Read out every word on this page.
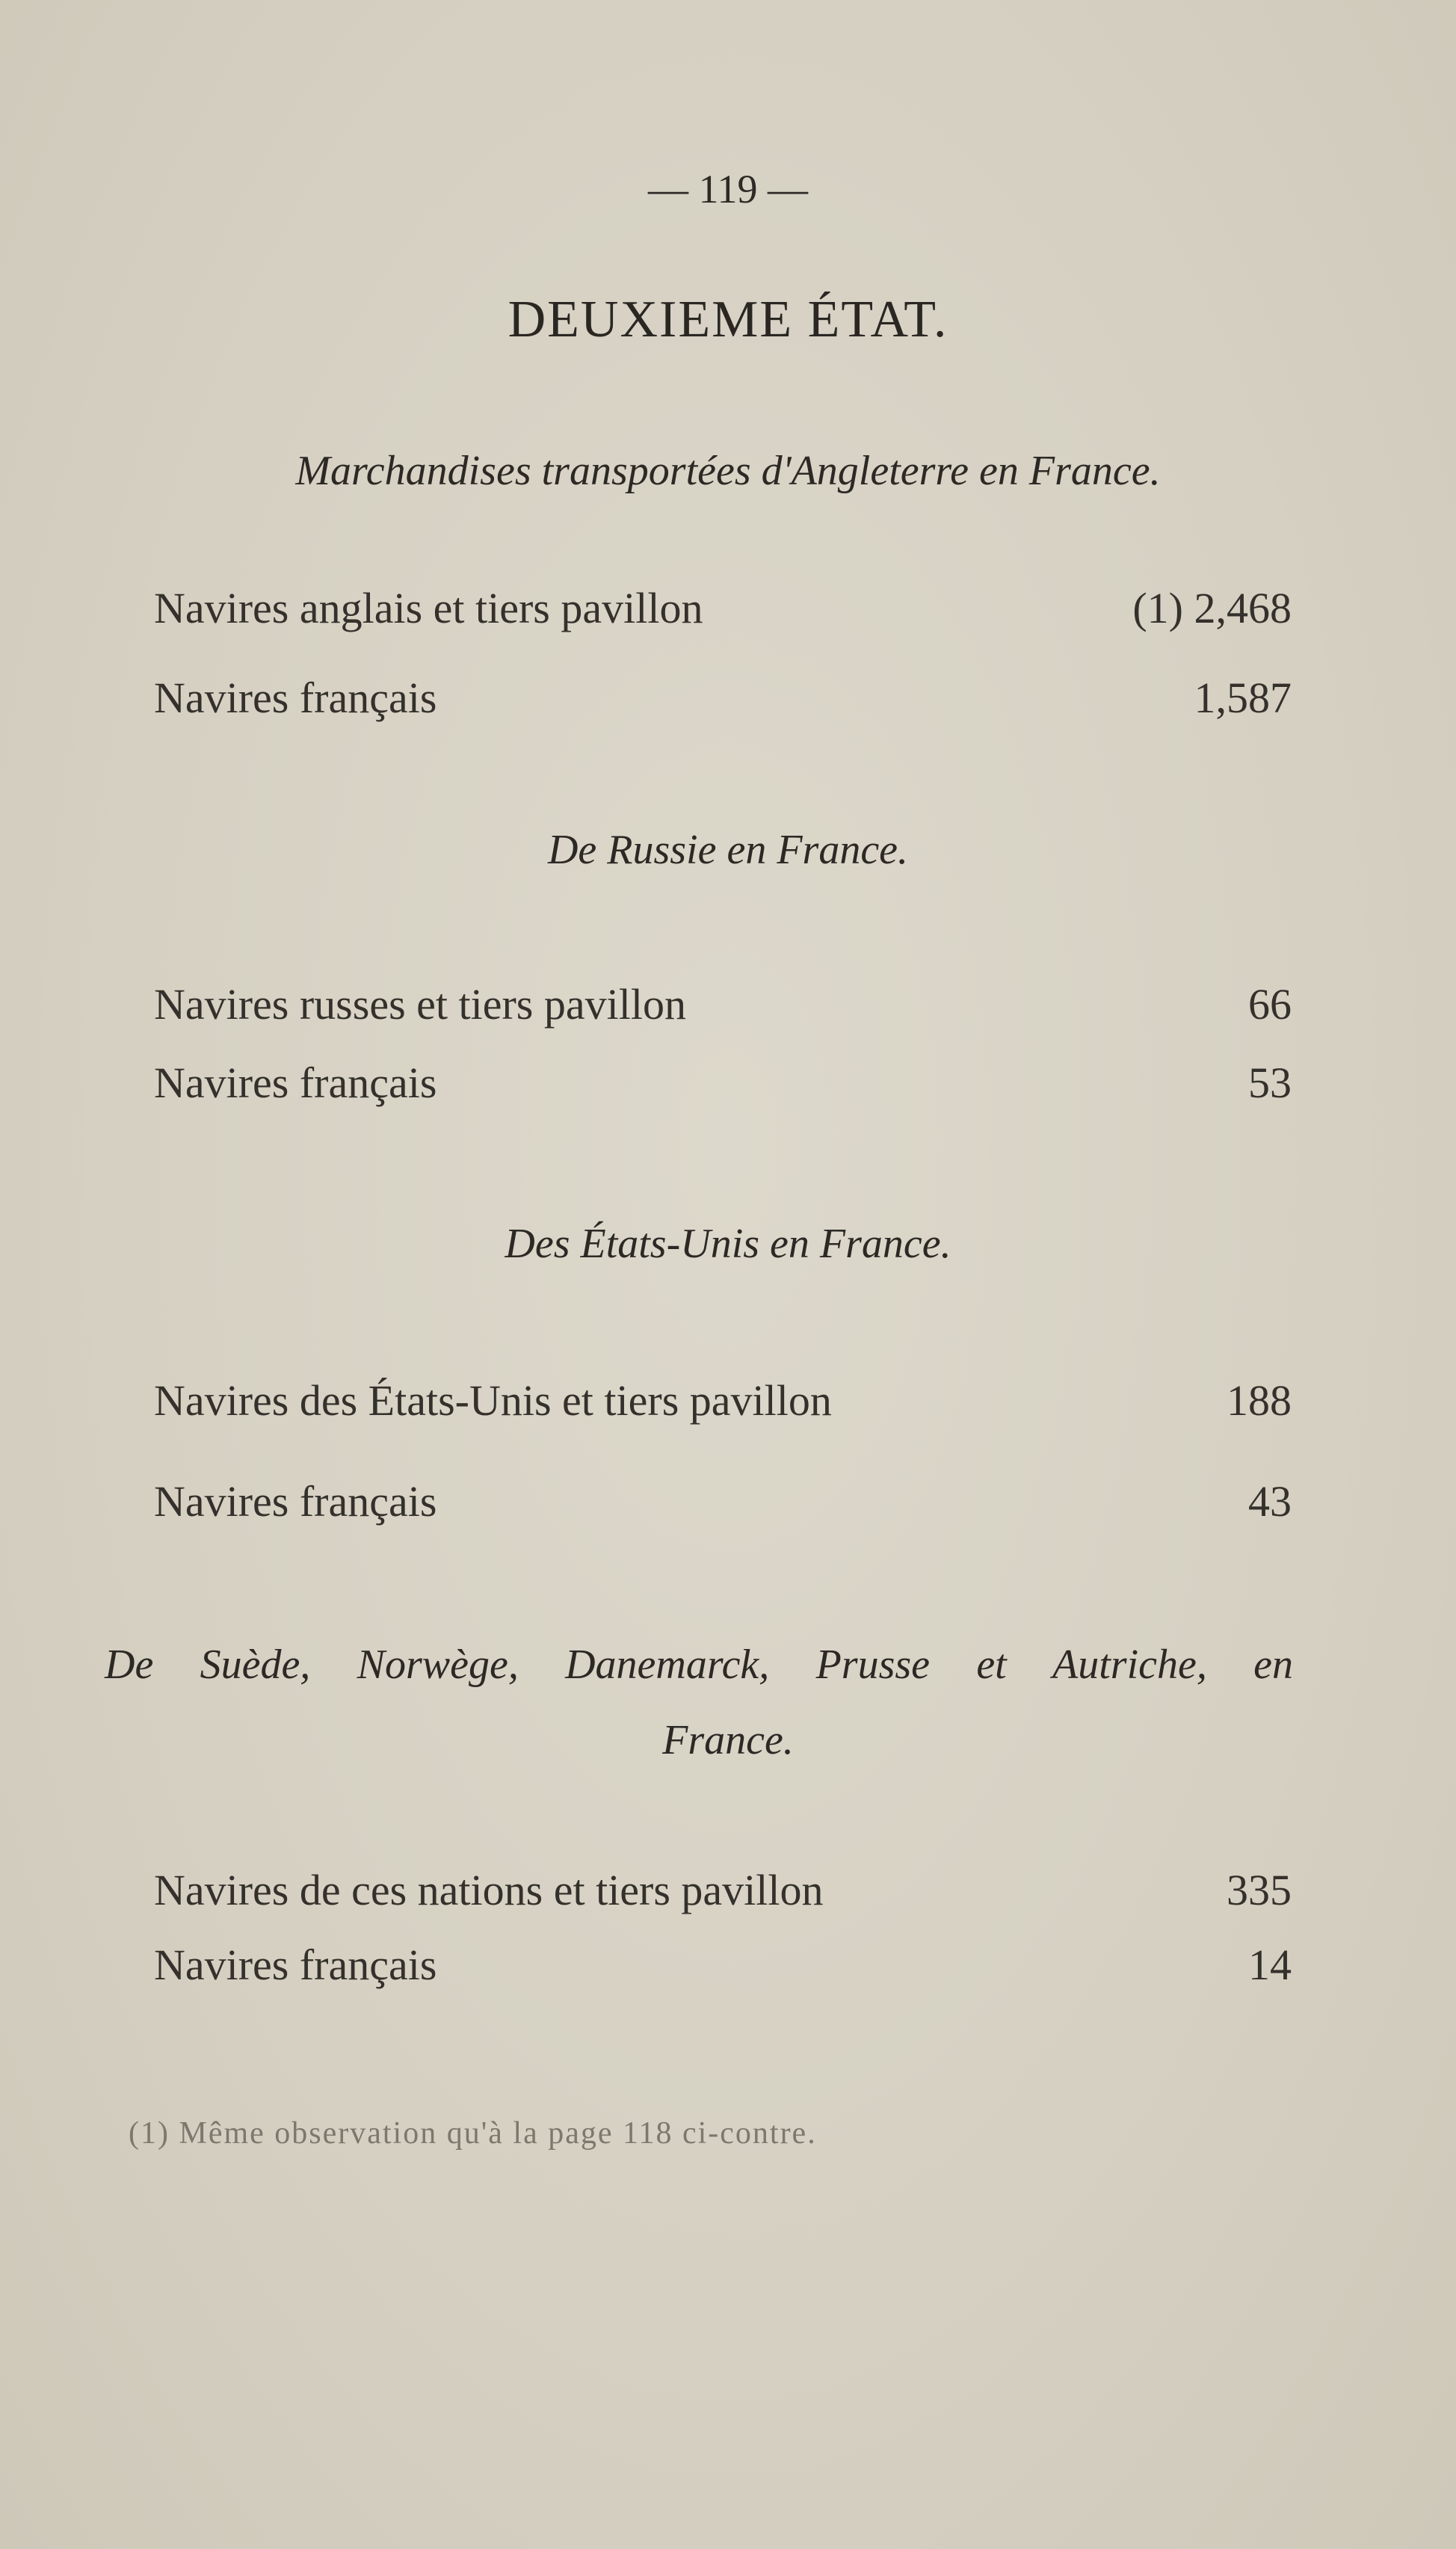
— 119 —
DEUXIEME ÉTAT.
Marchandises transportées d'Angleterre en France.
Navires anglais et tiers pavillon	(1) 2,468
Navires français	1,587
De Russie en France.
Navires russes et tiers pavillon	66
Navires français	53
Des États-Unis en France.
Navires des États-Unis et tiers pavillon	188
Navires français	43
De Suède, Norwège, Danemarck, Prusse et Autriche, en
France.
Navires de ces nations et tiers pavillon	335
Navires français	14
(1) Même observation qu'à la page 118 ci-contre.
